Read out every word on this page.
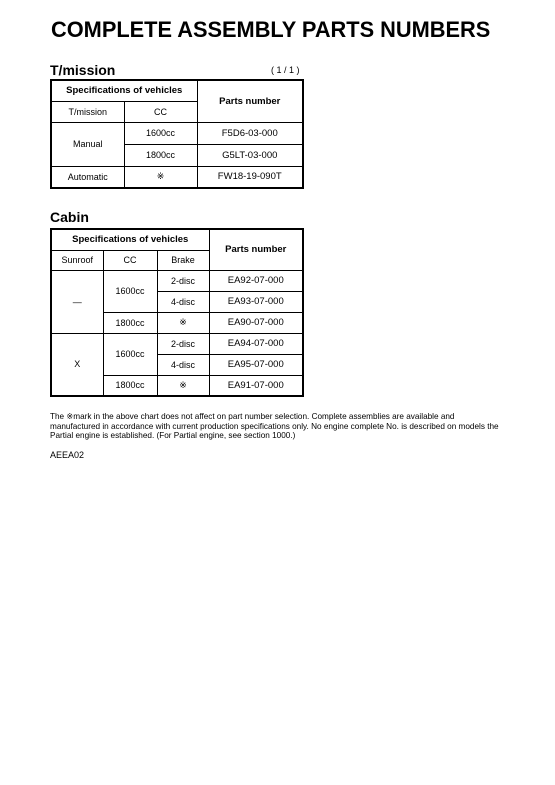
COMPLETE ASSEMBLY PARTS NUMBERS
T/mission	( 1 / 1 )
Specifications of vehicles		Parts number
T/mission	CC	
Manual	1600cc	F5D6-03-000
	1800cc	G5LT-03-000
Automatic	※	FW18-19-090T
Cabin
Specifications of vehicles			Parts number
Sunroof	CC	Brake	
—	1600cc	2-disc	EA92-07-000
		4-disc	EA93-07-000
	1800cc	※	EA90-07-000
X	1600cc	2-disc	EA94-07-000
		4-disc	EA95-07-000
	1800cc	※	EA91-07-000
The ※mark in the above chart does not affect on part number selection. Complete assemblies are available and manufactured in accordance with current production specifications only. No engine complete No. is described on models the Partial engine is established. (For Partial engine, see section 1000.)
AEEA02
